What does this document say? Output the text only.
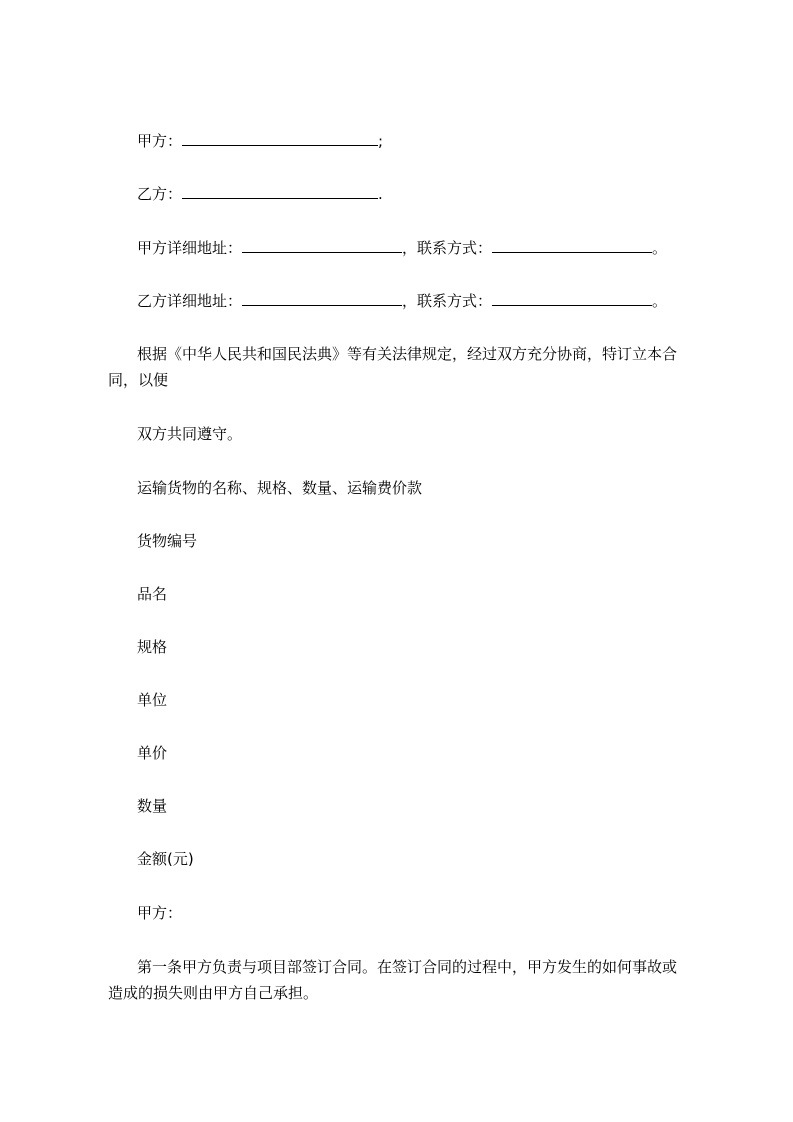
甲方：	;
乙方：	.
甲方详细地址：	，联系方式：	。
乙方详细地址：	，联系方式：	。
根据《中华人民共和国民法典》等有关法律规定，经过双方充分协商，特订立本合同，以便
双方共同遵守。
运输货物的名称、规格、数量、运输费价款
货物编号
品名
规格
单位
单价
数量
金额(元)
甲方：
第一条甲方负责与项目部签订合同。在签订合同的过程中，甲方发生的如何事故或造成的损失则由甲方自己承担。
